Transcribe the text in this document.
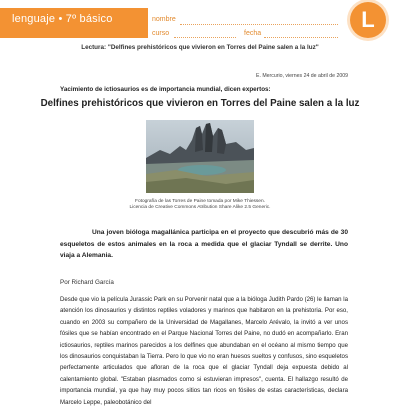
lenguaje • 7º básico	nombre
curso	fecha
L
Lectura: "Delfines prehistóricos que vivieron en Torres del Paine salen a la luz"
E. Mercurio, viernes 24 de abril de 2009
Yacimiento de ictiosaurios es de importancia mundial, dicen expertos:
Delfines prehistóricos que vivieron en Torres del Paine salen a la luz
Fotografía de las Torres de Paine tomada por Mike Thiessen.
Licencia de Creative Commons Atribution Share Alike 2.5 Generic.
Una joven bióloga magallánica participa en el proyecto que descubrió más de 30 esqueletos de estos animales en la roca a medida que el glaciar Tyndall se derrite. Uno viaja a Alemania.
Por Richard García
Desde que vio la película Jurassic Park en su Porvenir natal que a la bióloga Judith Pardo (26) le llaman la atención los dinosaurios y distintos reptiles voladores y marinos que habitaron en la prehistoria. Por eso, cuando en 2003 su compañero de la Universidad de Magallanes, Marcelo Arévalo, la invitó a ver unos fósiles que se habían encontrado en el Parque Nacional Torres del Paine, no dudó en acompañarlo. Eran ictiosaurios, reptiles marinos parecidos a los delfines que abundaban en el océano al mismo tiempo que los dinosaurios conquistaban la Tierra. Pero lo que vio no eran huesos sueltos y confusos, sino esqueletos perfectamente articulados que afloran de la roca que el glaciar Tyndall deja expuesta debido al calentamiento global. "Estaban plasmados como si estuvieran impresos", cuenta. El hallazgo resultó de importancia mundial, ya que hay muy pocos sitios tan ricos en fósiles de estas características, declara Marcelo Leppe, paleobotánico del
